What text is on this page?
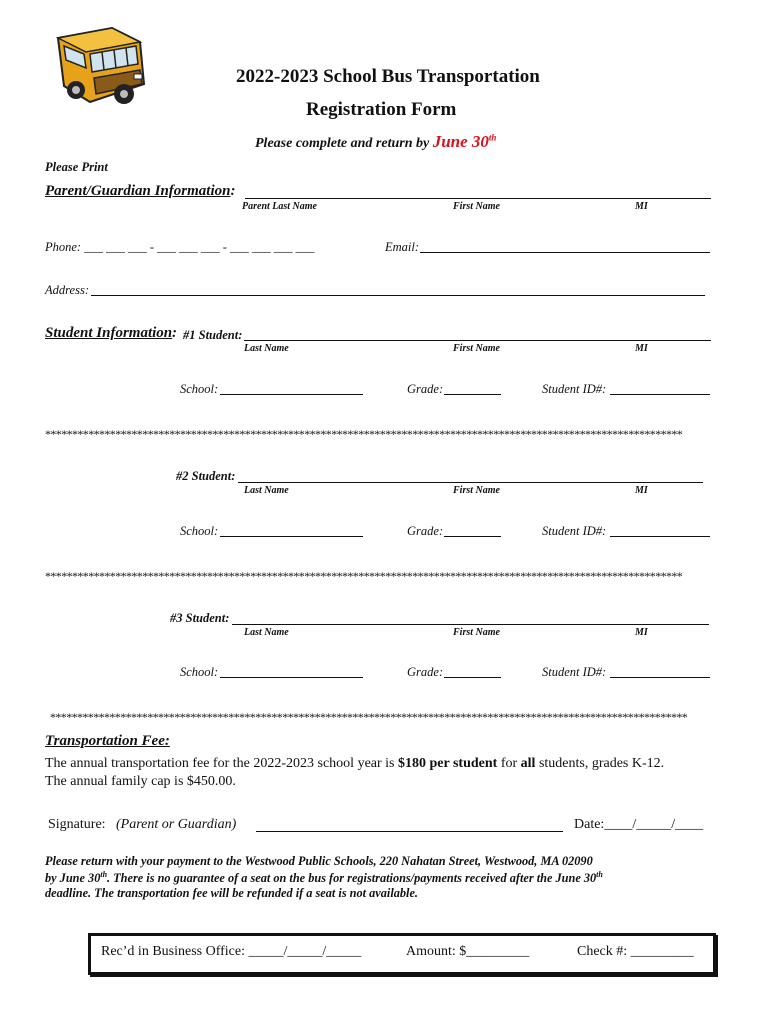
2022-2023 School Bus Transportation
Registration Form
Please complete and return by June 30th
Please Print
Parent/Guardian Information:
Parent Last Name	First Name	MI
Phone: ___ ___ ___ - ___ ___ ___ - ___ ___ ___ ___	Email:
Address:
Student Information : #1 Student:
Last Name	First Name	MI
School:	Grade:	Student ID#:
**********************************************************************************************************************
#2 Student:
Last Name	First Name	MI
School:	Grade:	Student ID#:
**********************************************************************************************************************
#3 Student:
Last Name	First Name	MI
School:	Grade:	Student ID#:
**********************************************************************************************************************
Transportation Fee:
The annual transportation fee for the 2022-2023 school year is $180 per student for all students, grades K-12.
The annual family cap is $450.00.
Signature: (Parent or Guardian)	Date:____/_____/____
Please return with your payment to the Westwood Public Schools, 220 Nahatan Street, Westwood, MA 02090
by June 30th. There is no guarantee of a seat on the bus for registrations/payments received after the June 30th
deadline. The transportation fee will be refunded if a seat is not available.
Rec’d in Business Office: _____/_____/_____	Amount: $_________	Check #: _________
